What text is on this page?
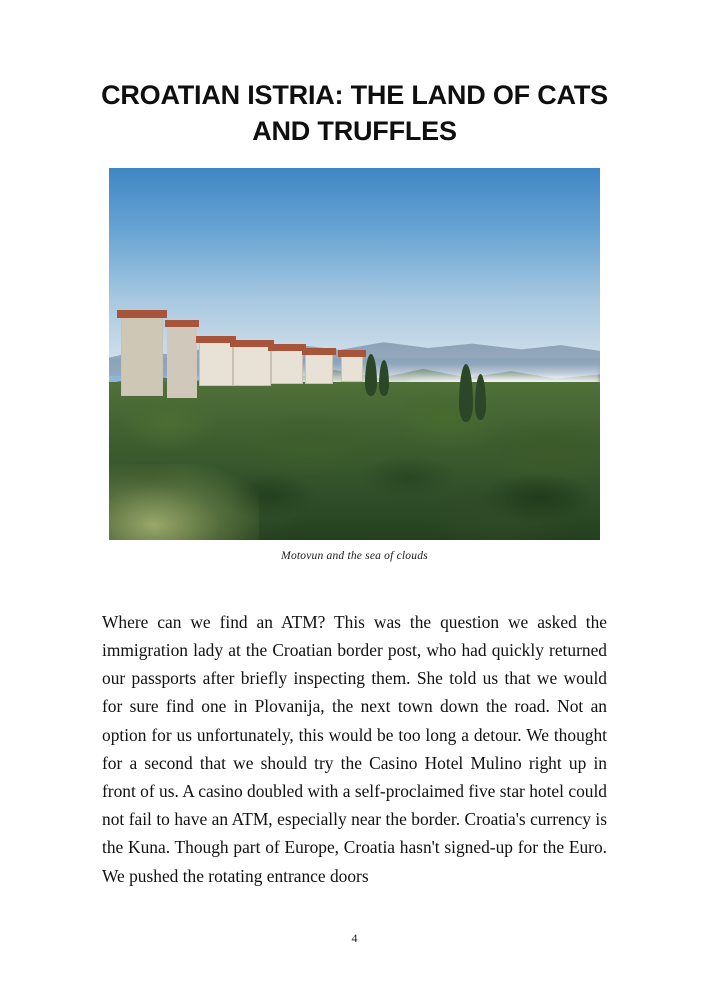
CROATIAN ISTRIA: THE LAND OF CATS AND TRUFFLES
Motovun and the sea of clouds

Where can we find an ATM? This was the question we asked the immigration lady at the Croatian border post, who had quickly returned our passports after briefly inspecting them. She told us that we would for sure find one in Plovanija, the next town down the road. Not an option for us unfortunately, this would be too long a detour. We thought for a second that we should try the Casino Hotel Mulino right up in front of us. A casino doubled with a self-proclaimed five star hotel could not fail to have an ATM, especially near the border. Croatia's currency is the Kuna. Though part of Europe, Croatia hasn't signed-up for the Euro. We pushed the rotating entrance doors

4
